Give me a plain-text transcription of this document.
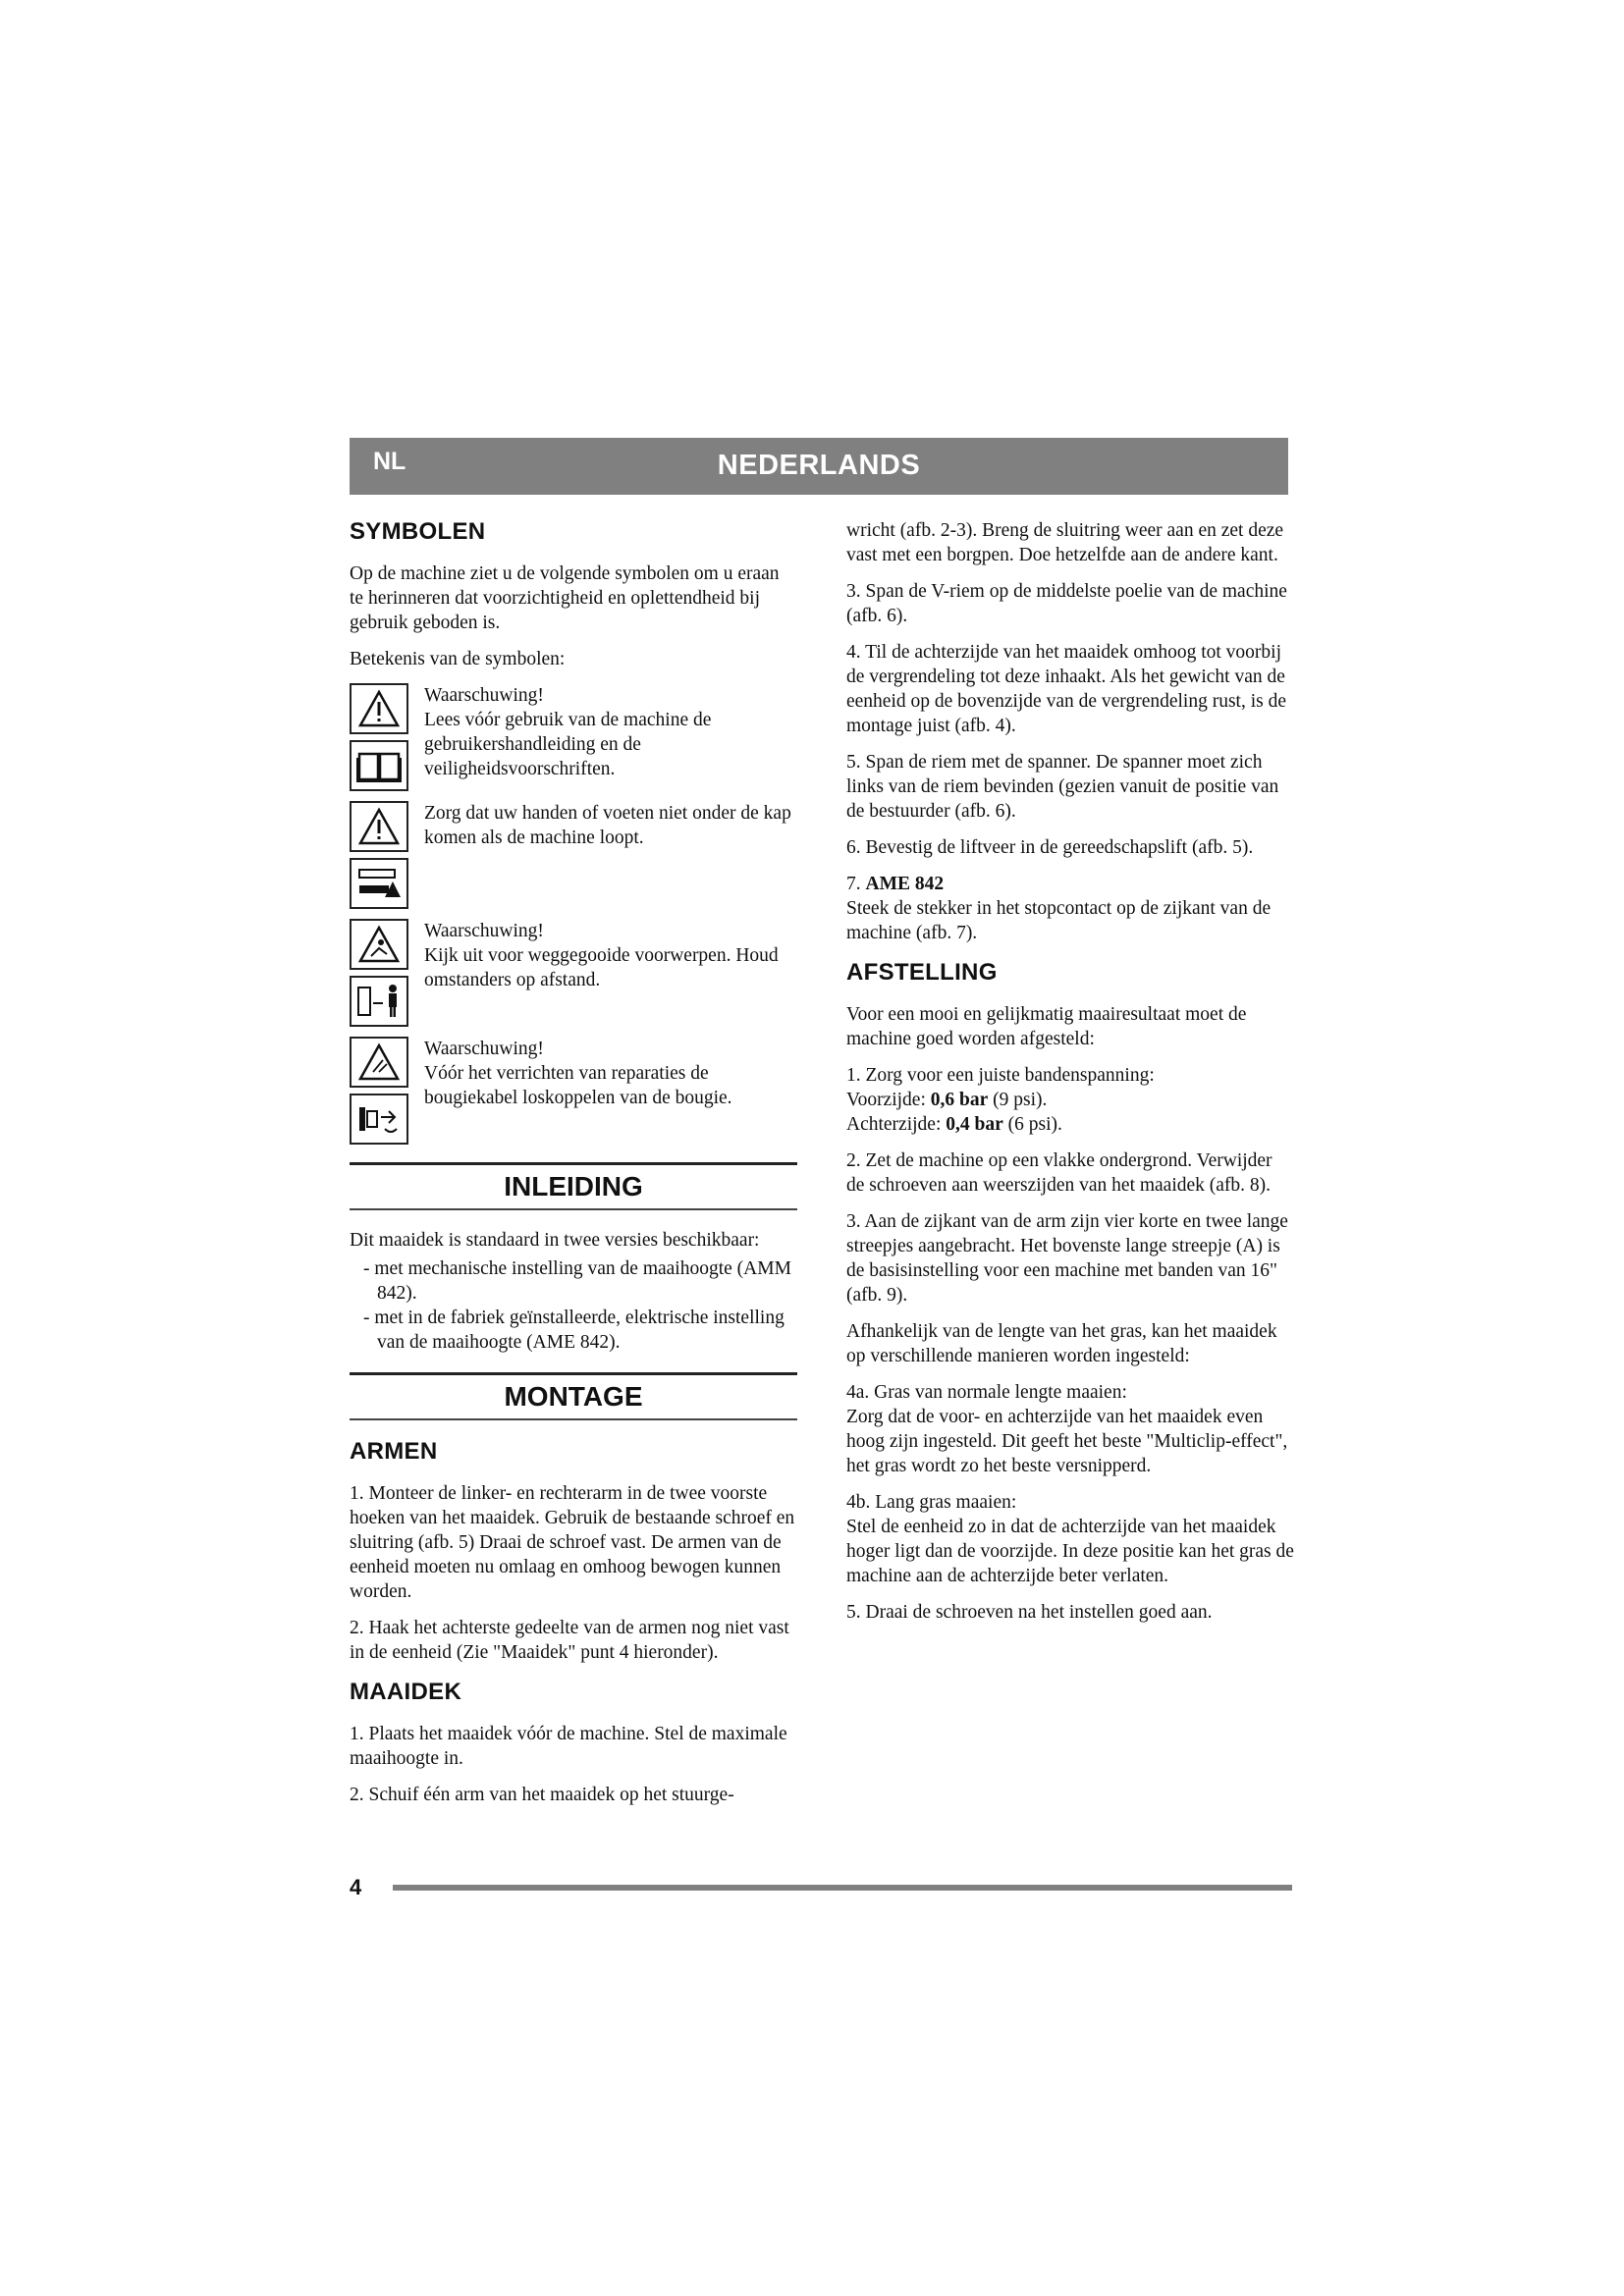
NL	NEDERLANDS
SYMBOLEN

Op de machine ziet u de volgende symbolen om u eraan te herinneren dat voorzichtigheid en oplettendheid bij gebruik geboden is.

Betekenis van de symbolen:

Waarschuwing!
Lees vóór gebruik van de machine de gebruikershandleiding en de veiligheidsvoorschriften.
Zorg dat uw handen of voeten niet onder de kap komen als de machine loopt.
Waarschuwing!
Kijk uit voor weggegooide voorwerpen. Houd omstanders op afstand.
Waarschuwing!
Vóór het verrichten van reparaties de bougiekabel loskoppelen van de bougie.
INLEIDING

Dit maaidek is standaard in twee versies beschikbaar:

- met mechanische instelling van de maaihoogte (AMM 842).
- met in de fabriek geïnstalleerde, elektrische instelling van de maaihoogte (AME 842).
MONTAGE
ARMEN

1. Monteer de linker- en rechterarm in de twee voorste hoeken van het maaidek. Gebruik de bestaande schroef en sluitring (afb. 5) Draai de schroef vast. De armen van de eenheid moeten nu omlaag en omhoog bewogen kunnen worden.

2. Haak het achterste gedeelte van de armen nog niet vast in de eenheid (Zie "Maaidek" punt 4 hieronder).

MAAIDEK

1. Plaats het maaidek vóór de machine. Stel de maximale maaihoogte in.

2. Schuif één arm van het maaidek op het stuurge-

wricht (afb. 2-3). Breng de sluitring weer aan en zet deze vast met een borgpen. Doe hetzelfde aan de andere kant.

3. Span de V-riem op de middelste poelie van de machine (afb. 6).

4. Til de achterzijde van het maaidek omhoog tot voorbij de vergrendeling tot deze inhaakt. Als het gewicht van de eenheid op de bovenzijde van de vergrendeling rust, is de montage juist (afb. 4).

5. Span de riem met de spanner. De spanner moet zich links van de riem bevinden (gezien vanuit de positie van de bestuurder (afb. 6).

6. Bevestig de liftveer in de gereedschapslift (afb. 5).

7. AME 842
Steek de stekker in het stopcontact op de zijkant van de machine (afb. 7).

AFSTELLING

Voor een mooi en gelijkmatig maairesultaat moet de machine goed worden afgesteld:

1. Zorg voor een juiste bandenspanning:
Voorzijde: 0,6 bar (9 psi).
Achterzijde: 0,4 bar (6 psi).

2. Zet de machine op een vlakke ondergrond. Verwijder de schroeven aan weerszijden van het maaidek (afb. 8).

3. Aan de zijkant van de arm zijn vier korte en twee lange streepjes aangebracht. Het bovenste lange streepje (A) is de basisinstelling voor een machine met banden van 16" (afb. 9).

Afhankelijk van de lengte van het gras, kan het maaidek op verschillende manieren worden ingesteld:

4a. Gras van normale lengte maaien:
Zorg dat de voor- en achterzijde van het maaidek even hoog zijn ingesteld. Dit geeft het beste "Multiclip-effect", het gras wordt zo het beste versnipperd.

4b. Lang gras maaien:
Stel de eenheid zo in dat de achterzijde van het maaidek hoger ligt dan de voorzijde. In deze positie kan het gras de machine aan de achterzijde beter verlaten.

5. Draai de schroeven na het instellen goed aan.

4
